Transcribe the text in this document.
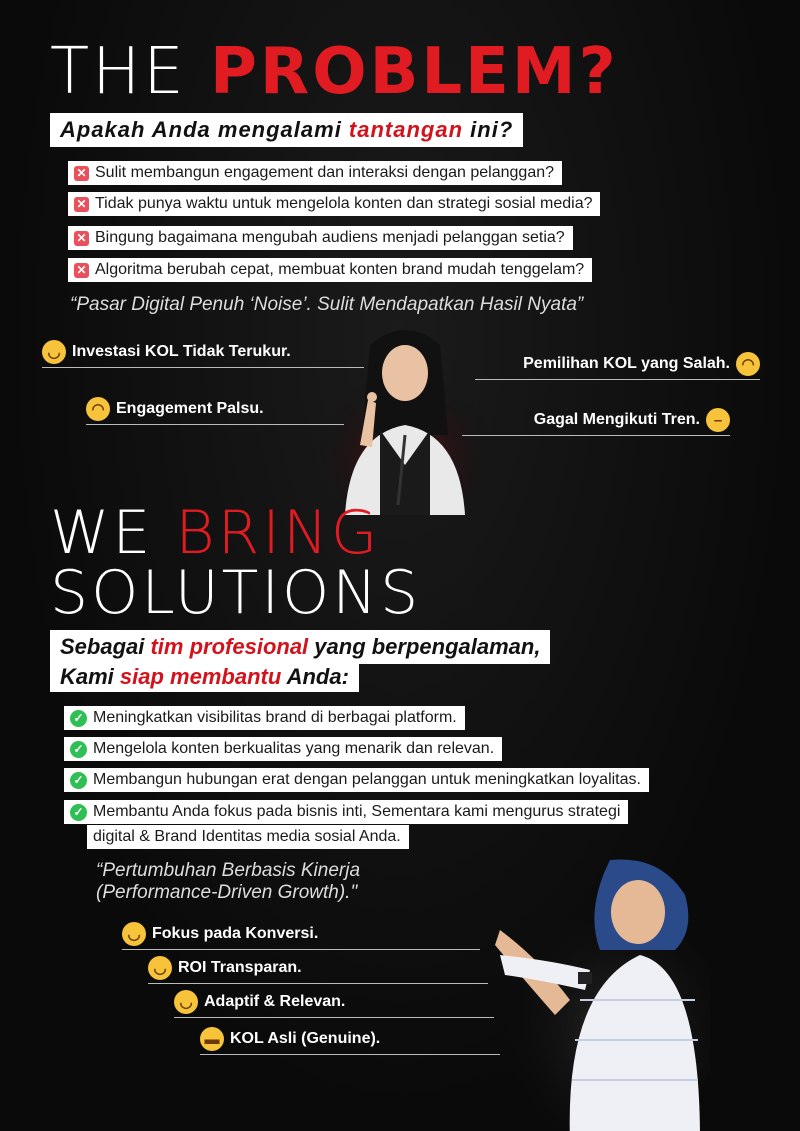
THE PROBLEM?
Apakah Anda mengalami tantangan ini?
✕ Sulit membangun engagement dan interaksi dengan pelanggan?
✕ Tidak punya waktu untuk mengelola konten dan strategi sosial media?
✕ Bingung bagaimana mengubah audiens menjadi pelanggan setia?
✕ Algoritma berubah cepat, membuat konten brand mudah tenggelam?
“Pasar Digital Penuh ‘Noise’. Sulit Mendapatkan Hasil Nyata”
◡ Investasi KOL Tidak Terukur.
Pemilihan KOL yang Salah. ◠
◠ Engagement Palsu.
Gagal Mengikuti Tren. –
WE BRING
SOLUTIONS
Sebagai tim profesional yang berpengalaman,
Kami siap membantu Anda:
✓ Meningkatkan visibilitas brand di berbagai platform.
✓ Mengelola konten berkualitas yang menarik dan relevan.
✓ Membangun hubungan erat dengan pelanggan untuk meningkatkan loyalitas.
✓ Membantu Anda fokus pada bisnis inti, Sementara kami mengurus strategi
digital & Brand Identitas media sosial Anda.
“Pertumbuhan Berbasis Kinerja
(Performance-Driven Growth)."
◡ Fokus pada Konversi.
◡ ROI Transparan.
◡ Adaptif & Relevan.
▬ KOL Asli (Genuine).
